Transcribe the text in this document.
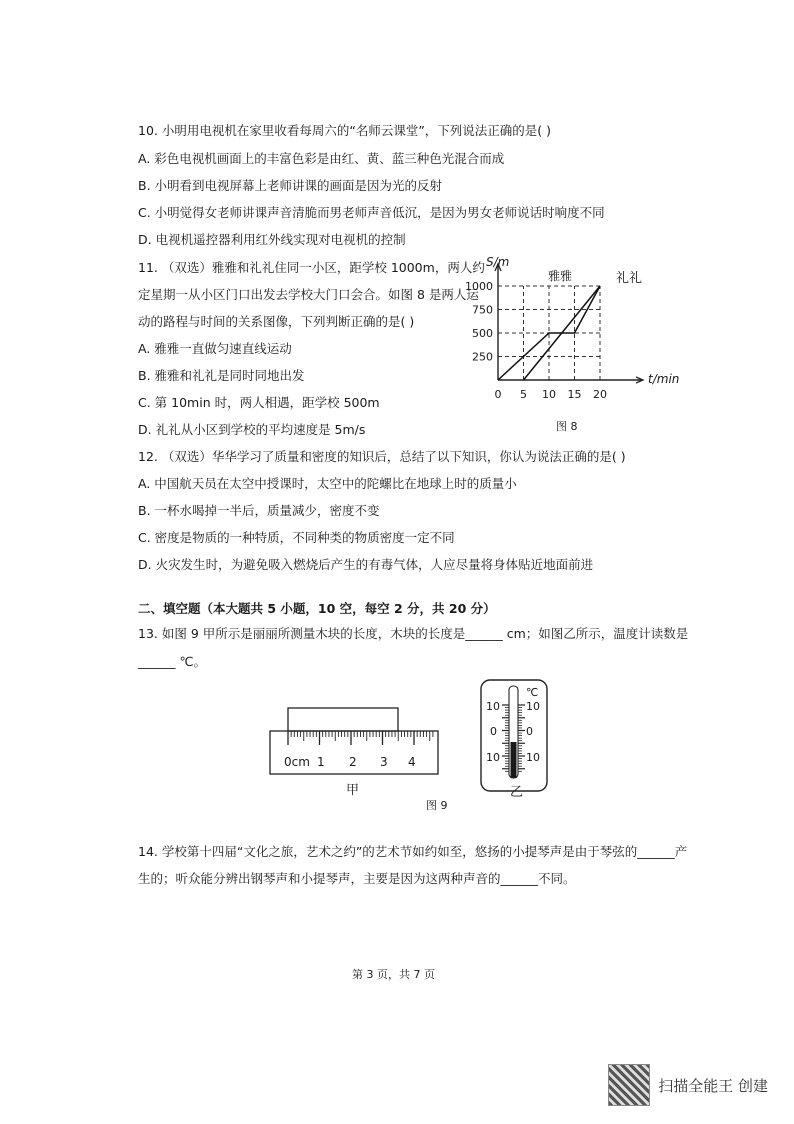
10. 小明用电视机在家里收看每周六的“名师云课堂”，下列说法正确的是( )
A. 彩色电视机画面上的丰富色彩是由红、黄、蓝三种色光混合而成
B. 小明看到电视屏幕上老师讲课的画面是因为光的反射
C. 小明觉得女老师讲课声音清脆而男老师声音低沉，是因为男女老师说话时响度不同
D. 电视机遥控器利用红外线实现对电视机的控制
11. （双选）雅雅和礼礼住同一小区，距学校 1000m，两人约
定星期一从小区门口出发去学校大门口会合。如图 8 是两人运
动的路程与时间的关系图像，下列判断正确的是( )
A. 雅雅一直做匀速直线运动
B. 雅雅和礼礼是同时同地出发
C. 第 10min 时，两人相遇，距学校 500m
D. 礼礼从小区到学校的平均速度是 5m/s
1000
750
500
250
0 5 10 15 20
S/m
t/min
雅雅	礼礼
图 8
12. （双选）华华学习了质量和密度的知识后，总结了以下知识，你认为说法正确的是( )
A. 中国航天员在太空中授课时，太空中的陀螺比在地球上时的质量小
B. 一杯水喝掉一半后，质量减少，密度不变
C. 密度是物质的一种特质，不同种类的物质密度一定不同
D. 火灾发生时，为避免吸入燃烧后产生的有毒气体，人应尽量将身体贴近地面前进
二、填空题（本大题共 5 小题，10 空，每空 2 分，共 20 分）
13. 如图 9 甲所示是丽丽所测量木块的长度，木块的长度是______ cm；如图乙所示，温度计读数是
______ ℃。
0cm 1 2 3 4
甲
℃
10
0
10
10
0
10
乙
图 9
14. 学校第十四届“文化之旅，艺术之约”的艺术节如约如至，悠扬的小提琴声是由于琴弦的______产
生的；听众能分辨出钢琴声和小提琴声，主要是因为这两种声音的______不同。
第 3 页，共 7 页
扫描全能王 创建
